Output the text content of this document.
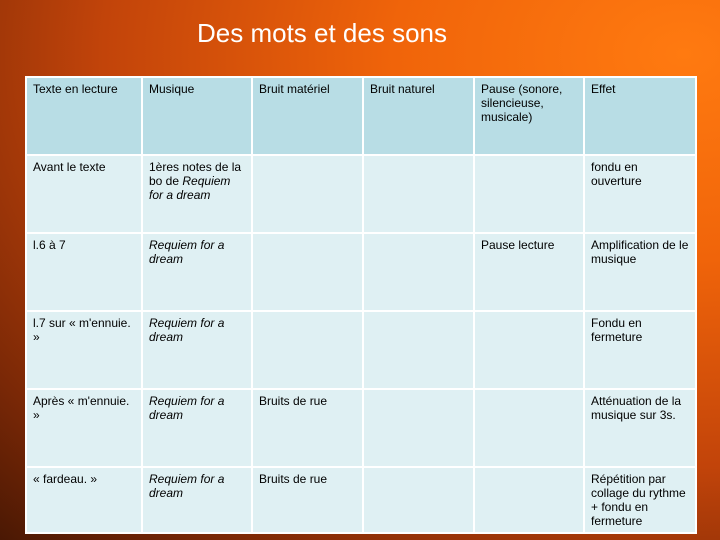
Des mots et des sons
Texte en lecture	Musique	Bruit matériel	Bruit naturel	Pause (sonore, silencieuse, musicale)	Effet
Avant le texte	1ères notes de la bo de Requiem for a dream				fondu en ouverture
l.6 à 7	Requiem for a dream			Pause lecture	Amplification de le musique
l.7 sur « m'ennuie. »	Requiem for a dream				Fondu en fermeture
Après « m'ennuie. »	Requiem for a dream	Bruits de rue			Atténuation de la musique sur 3s.
« fardeau. »	Requiem for a dream	Bruits de rue			Répétition par collage du rythme + fondu en fermeture
